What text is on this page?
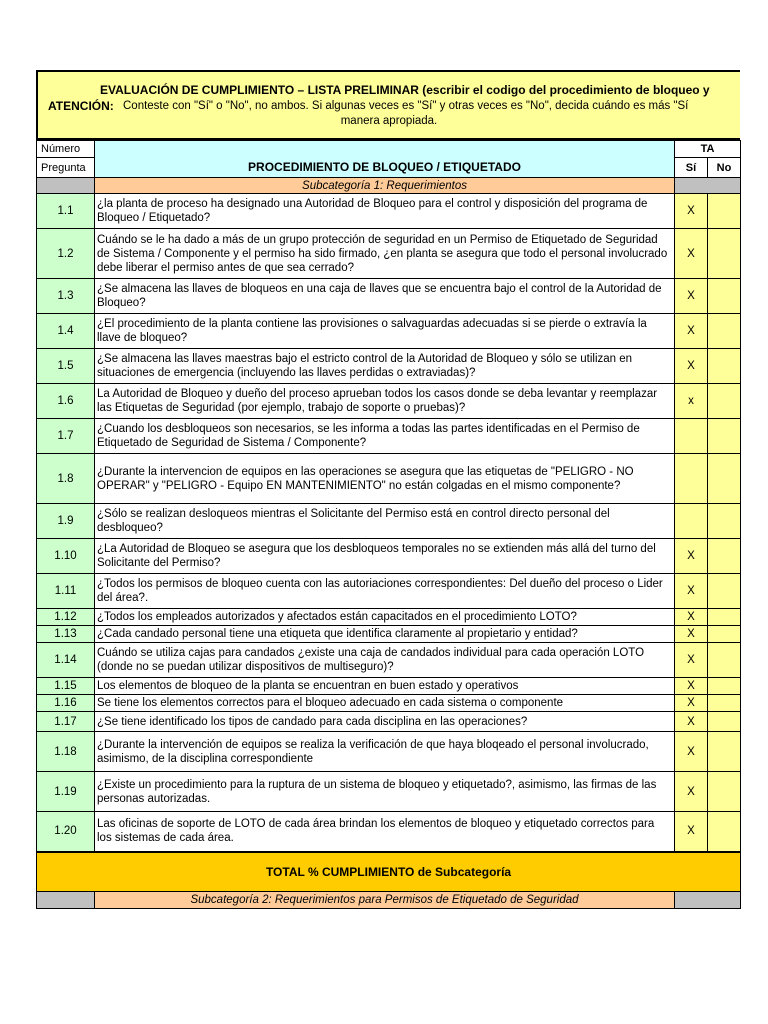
EVALUACIÓN DE CUMPLIMIENTO – LISTA PRELIMINAR (escribir el codigo del procedimiento de bloqueo y
ATENCIÓN: Conteste con "Sí" o "No", no ambos. Si algunas veces es "Sí" y otras veces es "No", decida cuándo es más "Sí
manera apropiada.
Número	PROCEDIMIENTO DE BLOQUEO / ETIQUETADO	TA	
Pregunta		Sí	No
	Subcategoría 1: Requerimientos		
1.1	¿la planta de proceso ha designado una Autoridad de Bloqueo para el control y disposición del programa de Bloqueo / Etiquetado?	X	
1.2	Cuándo se le ha dado a más de un grupo protección de seguridad en un Permiso de Etiquetado de Seguridad de Sistema / Componente y el permiso ha sido firmado, ¿en planta se asegura que todo el personal involucrado debe liberar el permiso antes de que sea cerrado?	X	
1.3	¿Se almacena las llaves de bloqueos en una caja de llaves que se encuentra bajo el control de la Autoridad de Bloqueo?	X	
1.4	¿El procedimiento de la planta contiene las provisiones o salvaguardas adecuadas si se pierde o extravía la llave de bloqueo?	X	
1.5	¿Se almacena las llaves maestras bajo el estricto control de la Autoridad de Bloqueo y sólo se utilizan en situaciones de emergencia (incluyendo las llaves perdidas o extraviadas)?	X	
1.6	La Autoridad de Bloqueo y dueño del proceso aprueban todos los casos donde se deba levantar y reemplazar las Etiquetas de Seguridad (por ejemplo, trabajo de soporte o pruebas)?	x	
1.7	¿Cuando los desbloqueos son necesarios, se les informa a todas las partes identificadas en el Permiso de Etiquetado de Seguridad de Sistema / Componente?		
1.8	¿Durante la intervencion de equipos en las operaciones se asegura que las etiquetas de "PELIGRO - NO OPERAR" y "PELIGRO - Equipo EN MANTENIMIENTO" no están colgadas en el mismo componente?		
1.9	¿Sólo se realizan desloqueos mientras el Solicitante del Permiso está en control directo personal del desbloqueo?		
1.10	¿La Autoridad de Bloqueo se asegura que los desbloqueos temporales no se extienden más allá del turno del Solicitante del Permiso?	X	
1.11	¿Todos los permisos de bloqueo cuenta con las autoriaciones correspondientes: Del dueño del proceso o Lider del área?.	X	
1.12	¿Todos los empleados autorizados y afectados están capacitados en el procedimiento LOTO?	X	
1.13	¿Cada candado personal tiene una etiqueta que identifica claramente al propietario y entidad?	X	
1.14	Cuándo se utiliza cajas para candados ¿existe una caja de candados individual para cada operación LOTO (donde no se puedan utilizar dispositivos de multiseguro)?	X	
1.15	Los elementos de bloqueo de la planta se encuentran en buen estado y operativos	X	
1.16	Se tiene los elementos correctos para el bloqueo adecuado en cada sistema o componente	X	
1.17	¿Se tiene identificado los tipos de candado para cada disciplina en las operaciones?	X	
1.18	¿Durante la intervención de equipos se realiza la verificación de que haya bloqeado el personal involucrado, asimismo, de la disciplina correspondiente	X	
1.19	¿Existe un procedimiento para la ruptura de un sistema de bloqueo y etiquetado?, asimismo, las firmas de las personas autorizadas.	X	
1.20	Las oficinas de soporte de LOTO de cada área brindan los elementos de bloqueo y etiquetado correctos para los sistemas de cada área.	X	
TOTAL % CUMPLIMIENTO de Subcategoría			
	Subcategoría 2: Requerimientos para Permisos de Etiquetado de Seguridad		
